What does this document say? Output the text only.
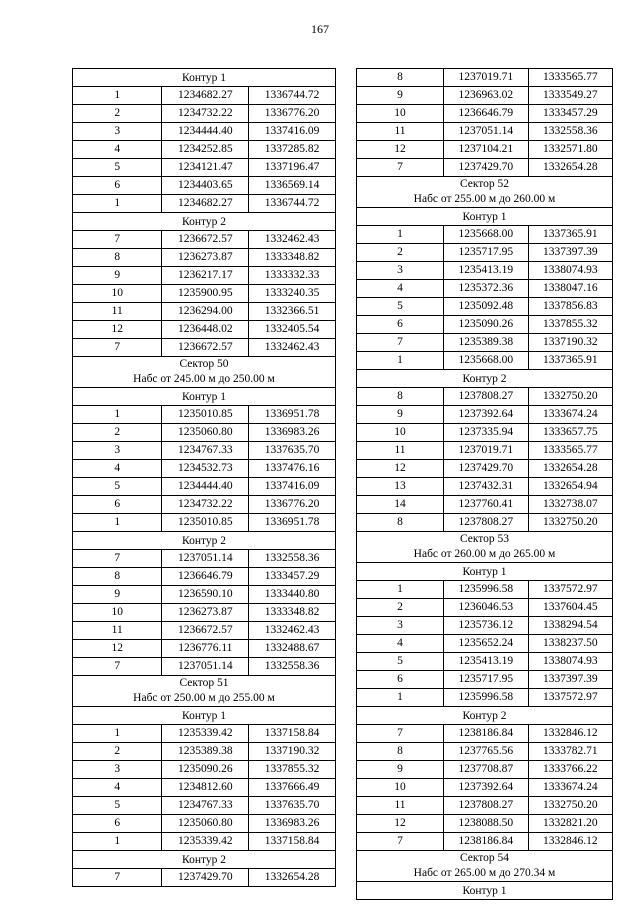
167
Контур 1		
1	1234682.27	1336744.72
2	1234732.22	1336776.20
3	1234444.40	1337416.09
4	1234252.85	1337285.82
5	1234121.47	1337196.47
6	1234403.65	1336569.14
1	1234682.27	1336744.72
Контур 2		
7	1236672.57	1332462.43
8	1236273.87	1333348.82
9	1236217.17	1333332.33
10	1235900.95	1333240.35
11	1236294.00	1332366.51
12	1236448.02	1332405.54
7	1236672.57	1332462.43

Сектор 50
Набс от 245.00 м до 250.00 м		

Контур 1		
1	1235010.85	1336951.78
2	1235060.80	1336983.26
3	1234767.33	1337635.70
4	1234532.73	1337476.16
5	1234444.40	1337416.09
6	1234732.22	1336776.20
1	1235010.85	1336951.78
Контур 2		
7	1237051.14	1332558.36
8	1236646.79	1333457.29
9	1236590.10	1333440.80
10	1236273.87	1333348.82
11	1236672.57	1332462.43
12	1236776.11	1332488.67
7	1237051.14	1332558.36

Сектор 51
Набс от 250.00 м до 255.00 м		

Контур 1		
1	1235339.42	1337158.84
2	1235389.38	1337190.32
3	1235090.26	1337855.32
4	1234812.60	1337666.49
5	1234767.33	1337635.70
6	1235060.80	1336983.26
1	1235339.42	1337158.84
Контур 2		
7	1237429.70	1332654.28
8	1237019.71	1333565.77
9	1236963.02	1333549.27
10	1236646.79	1333457.29
11	1237051.14	1332558.36
12	1237104.21	1332571.80
7	1237429.70	1332654.28

Сектор 52
Набс от 255.00 м до 260.00 м		

Контур 1		
1	1235668.00	1337365.91
2	1235717.95	1337397.39
3	1235413.19	1338074.93
4	1235372.36	1338047.16
5	1235092.48	1337856.83
6	1235090.26	1337855.32
7	1235389.38	1337190.32
1	1235668.00	1337365.91
Контур 2		
8	1237808.27	1332750.20
9	1237392.64	1333674.24
10	1237335.94	1333657.75
11	1237019.71	1333565.77
12	1237429.70	1332654.28
13	1237432.31	1332654.94
14	1237760.41	1332738.07
8	1237808.27	1332750.20

Сектор 53
Набс от 260.00 м до 265.00 м		

Контур 1		
1	1235996.58	1337572.97
2	1236046.53	1337604.45
3	1235736.12	1338294.54
4	1235652.24	1338237.50
5	1235413.19	1338074.93
6	1235717.95	1337397.39
1	1235996.58	1337572.97
Контур 2		
7	1238186.84	1332846.12
8	1237765.56	1333782.71
9	1237708.87	1333766.22
10	1237392.64	1333674.24
11	1237808.27	1332750.20
12	1238088.50	1332821.20
7	1238186.84	1332846.12

Сектор 54
Набс от 265.00 м до 270.34 м		

Контур 1		
